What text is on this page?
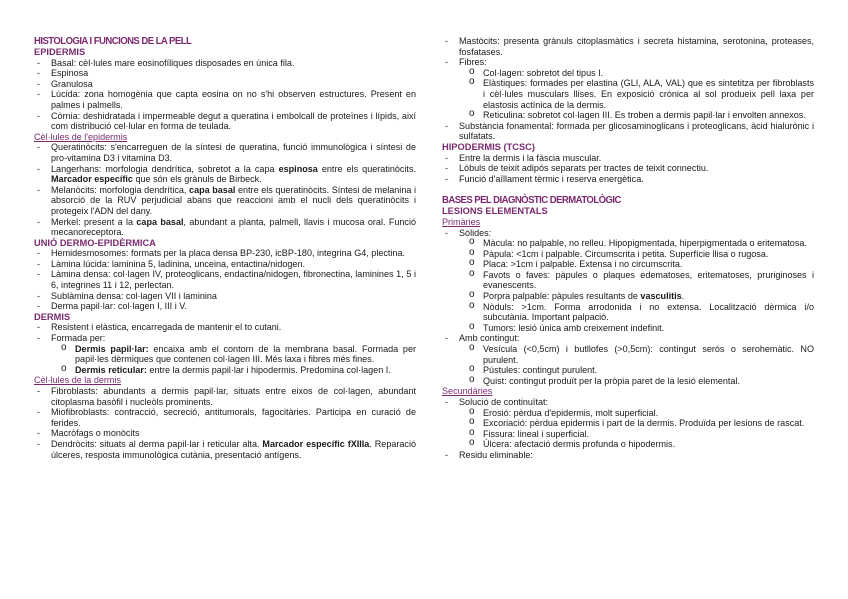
HISTOLOGIA I FUNCIONS DE LA PELL
EPIDERMIS
- Basal: cèl·lules mare eosinofíliques disposades en única fila.
- Espinosa
- Granulosa
- Lúcida: zona homogènia que capta eosina on no s'hi observen estructures. Present en palmes i palmells.
- Còrnia: deshidratada i impermeable degut a queratina i embolcall de proteïnes i lípids, així com distribució cel·lular en forma de teulada.
Cèl·lules de l'epidermis
- Queratinòcits: s'encarreguen de la síntesi de queratina, funció immunològica i síntesi de pro-vitamina D3 i vitamina D3.
- Langerhans: morfologia dendrítica, sobretot a la capa espinosa entre els queratinòcits. Marcador específic que són els grànuls de Birbeck.
- Melanòcits: morfologia dendrítica, capa basal entre els queratinòcits. Síntesi de melanina i absorció de la RUV perjudicial abans que reaccioni amb el nucli dels queratinòcits i protegeix l'ADN del dany.
- Merkel: present a la capa basal, abundant a planta, palmell, llavis i mucosa oral. Funció mecanoreceptora.
UNIÓ DERMO-EPIDÈRMICA
- Hemidesmosomes: formats per la placa densa BP-230, icBP-180, integrina G4, plectina.
- Làmina lúcida: laminina 5, ladinina, unceina, entactina/nidogen.
- Làmina densa: col·lagen IV, proteoglicans, endactina/nidogen, fibronectina, laminines 1, 5 i 6, integrines 11 i 12, perlectan.
- Sublàmina densa: col·lagen VII i laminina
- Derma papil·lar: col·lagen I, III i V.
DERMIS
- Resistent i elàstica, encarregada de mantenir el to cutani.
- Formada per:
o Dermis papil·lar: encaixa amb el contorn de la membrana basal. Formada per papil·les dèrmiques que contenen col·lagen III. Més laxa i fibres més fines.
o Dermis reticular: entre la dermis papil·lar i hipodermis. Predomina col·lagen I.
Cèl·lules de la dermis
- Fibroblasts: abundants a dermis papil·lar, situats entre eixos de col·lagen, abundant citoplasma basòfil i nucleòls prominents.
- Miofibroblasts: contracció, secreció, antitumorals, fagocitàries. Participa en curació de ferides.
- Macròfags o monòcits
- Dendròcits: situats al derma papil·lar i reticular alta. Marcador específic fXIIIa. Reparació úlceres, resposta immunològica cutània, presentació antígens.
- Mastòcits: presenta grànuls citoplasmàtics i secreta histamina, serotonina, proteases, fosfatases.
- Fibres:
o Col·lagen: sobretot del tipus I.
o Elàstiques: formades per elastina (GLI, ALA, VAL) que es sintetitza per fibroblasts i cèl·lules musculars llises. En exposició crònica al sol produeix pell laxa per elastosis actínica de la dermis.
o Reticulina: sobretot col·lagen III. Es troben a dermis papil·lar i envolten annexos.
- Substància fonamental: formada per glicosaminoglicans i proteoglicans, àcid hialurònic i sulfatats.
HIPODERMIS (TCSC)
- Entre la dermis i la fàscia muscular.
- Lòbuls de teixit adipós separats per tractes de teixit connectiu.
- Funció d'aïllament tèrmic i reserva energètica.
BASES PEL DIAGNÒSTIC DERMATOLÒGIC
LESIONS ELEMENTALS
Primàries
- Sòlides:
o Màcula: no palpable, no relleu. Hipopigmentada, hiperpigmentada o eritematosa.
o Pàpula: <1cm i palpable. Circumscrita i petita. Superfície llisa o rugosa.
o Placa: >1cm i palpable. Extensa i no circumscrita.
o Favots o faves: pàpules o plaques edematoses, eritematoses, pruriginoses i evanescents.
o Porpra palpable: pàpules resultants de vasculitis.
o Nòduls: >1cm. Forma arrodonida i no extensa. Localització dèrmica i/o subcutània. Important palpació.
o Tumors: lesió única amb creixement indefinit.
- Amb contingut:
o Vesícula (<0,5cm) i butllofes (>0,5cm): contingut serós o serohemàtic. NO purulent.
o Pústules: contingut purulent.
o Quist: contingut produït per la pròpia paret de la lesió elemental.
Secundàries
- Solució de continuïtat:
o Erosió: pèrdua d'epidermis, molt superficial.
o Excoriació: pèrdua epidermis i part de la dermis. Produïda per lesions de rascat.
o Fissura: lineal i superficial.
o Úlcera: afectació dermis profunda o hipodermis.
- Residu eliminable:
